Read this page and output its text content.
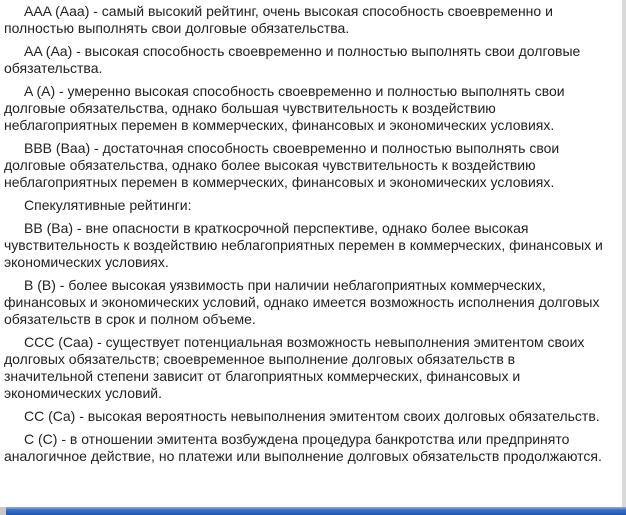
AAA (Aaa) - самый высокий рейтинг, очень высокая способность своевременно и полностью выполнять свои долговые обязательства.

AA (Aa) - высокая способность своевременно и полностью выполнять свои долговые обязательства.

A (A) - умеренно высокая способность своевременно и полностью выполнять свои долговые обязательства, однако большая чувствительность к воздействию неблагоприятных перемен в коммерческих, финансовых и экономических условиях.

BBB (Baa) - достаточная способность своевременно и полностью выполнять свои долговые обязательства, однако более высокая чувствительность к воздействию неблагоприятных перемен в коммерческих, финансовых и экономических условиях.

Спекулятивные рейтинги:

BB (Ba) - вне опасности в краткосрочной перспективе, однако более высокая чувствительность к воздействию неблагоприятных перемен в коммерческих, финансовых и экономических условиях.

B (B) - более высокая уязвимость при наличии неблагоприятных коммерческих, финансовых и экономических условий, однако имеется возможность исполнения долговых обязательств в срок и полном объеме.

CCC (Caa) - существует потенциальная возможность невыполнения эмитентом своих долговых обязательств; своевременное выполнение долговых обязательств в значительной степени зависит от благоприятных коммерческих, финансовых и экономических условий.

CC (Ca) - высокая вероятность невыполнения эмитентом своих долговых обязательств.

C (C) - в отношении эмитента возбуждена процедура банкротства или предпринято аналогичное действие, но платежи или выполнение долговых обязательств продолжаются.
